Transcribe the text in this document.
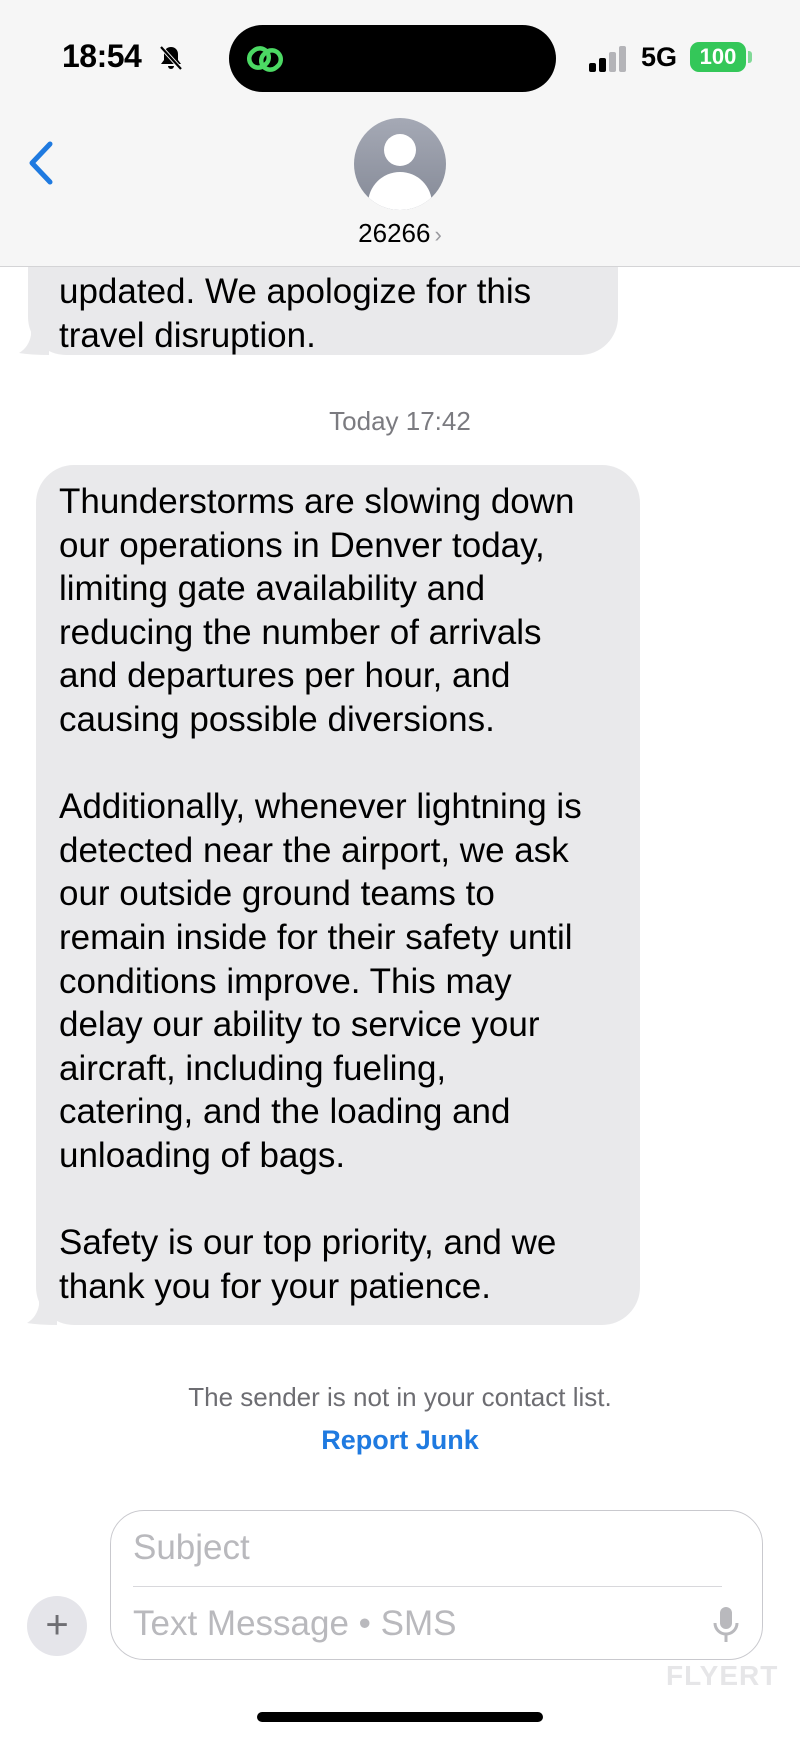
18:54	5G	100
26266 ›
updated. We apologize for this
travel disruption.
Today 17:42
Thunderstorms are slowing down
our operations in Denver today,
limiting gate availability and
reducing the number of arrivals
and departures per hour, and
causing possible diversions.

Additionally, whenever lightning is
detected near the airport, we ask
our outside ground teams to
remain inside for their safety until
conditions improve. This may
delay our ability to service your
aircraft, including fueling,
catering, and the loading and
unloading of bags.

Safety is our top priority, and we
thank you for your patience.
The sender is not in your contact list.
Report Junk
+
Subject
Text Message • SMS
FLYERT
